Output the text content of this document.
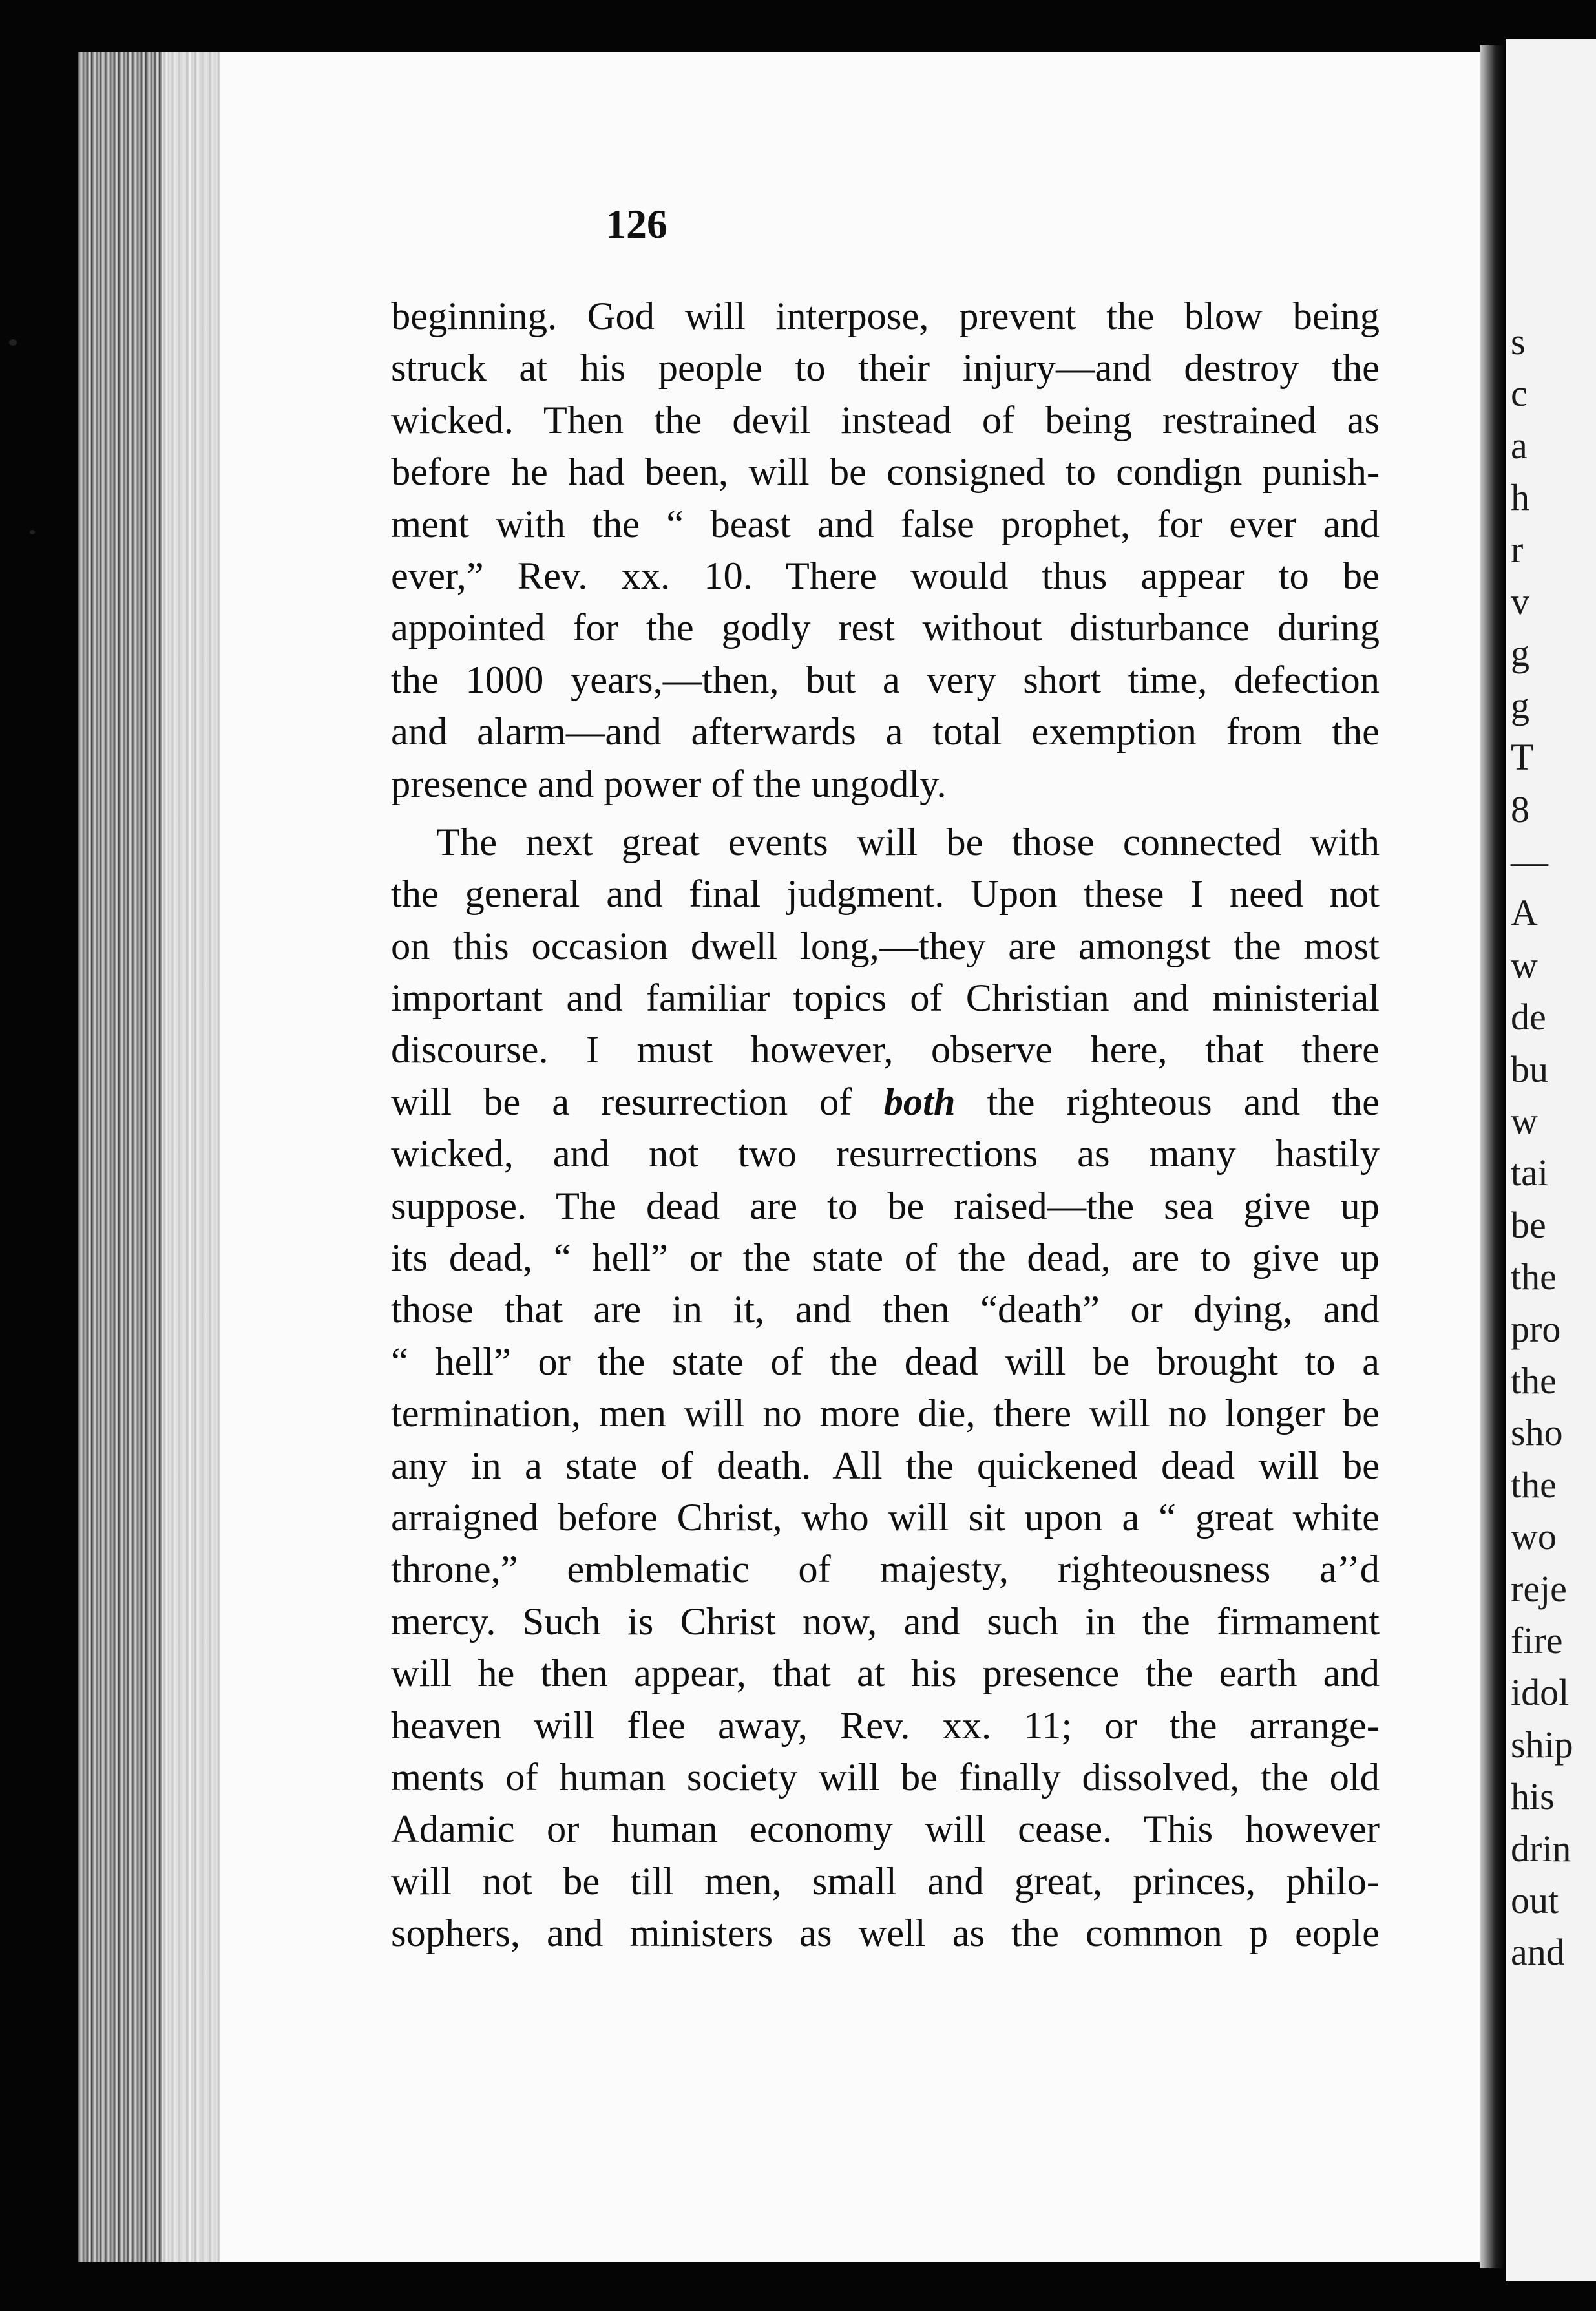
126
beginning. God will interpose, prevent the blow being
struck at his people to their injury—and destroy the
wicked. Then the devil instead of being restrained as
before he had been, will be consigned to condign punish-
ment with the “ beast and false prophet, for ever and
ever,” Rev. xx. 10. There would thus appear to be
appointed for the godly rest without disturbance during
the 1000 years,—then, but a very short time, defection
and alarm—and afterwards a total exemption from the
presence and power of the ungodly.
The next great events will be those connected with
the general and final judgment. Upon these I need not
on this occasion dwell long,—they are amongst the most
important and familiar topics of Christian and ministerial
discourse. I must however, observe here, that there
will be a resurrection of both the righteous and the
wicked, and not two resurrections as many hastily
suppose. The dead are to be raised—the sea give up
its dead, “ hell” or the state of the dead, are to give up
those that are in it, and then “death” or dying, and
“ hell” or the state of the dead will be brought to a
termination, men will no more die, there will no longer be
any in a state of death. All the quickened dead will be
arraigned before Christ, who will sit upon a “ great white
throne,” emblematic of majesty, righteousness a’’d
mercy. Such is Christ now, and such in the firmament
will he then appear, that at his presence the earth and
heaven will flee away, Rev. xx. 11; or the arrange-
ments of human society will be finally dissolved, the old
Adamic or human economy will cease. This however
will not be till men, small and great, princes, philo-
sophers, and ministers as well as the common p eople
s
c
a
h
r
v
g
g
T
8
—
A
w
de
bu
w
tai
be
the
pro
the
sho
the
wo
reje
fire
idol
ship
his
drin
out
and
